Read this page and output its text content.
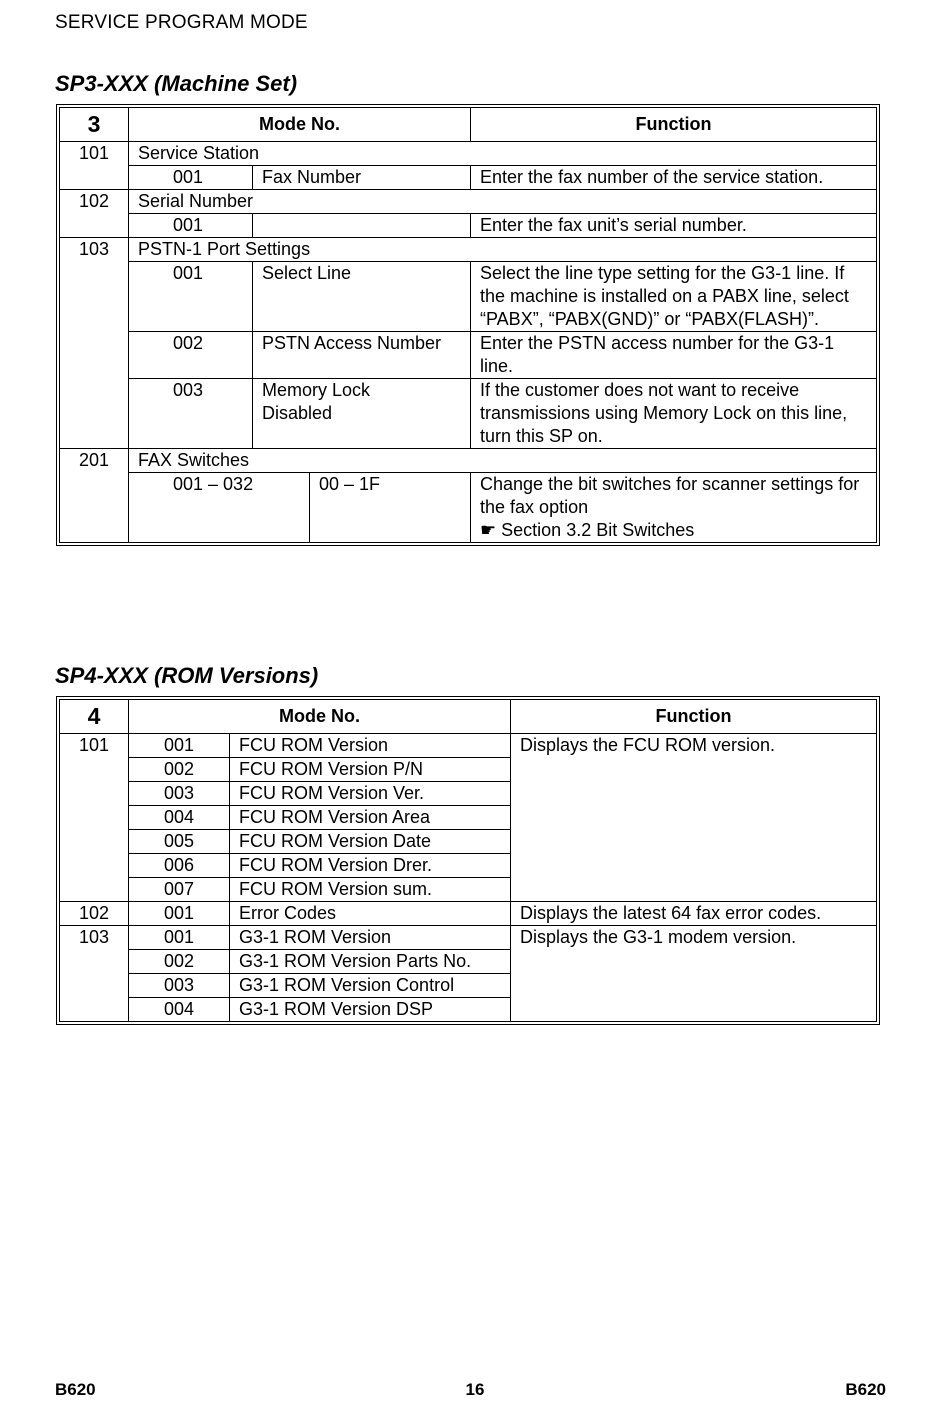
SERVICE PROGRAM MODE
SP3-XXX (Machine Set)
3	Mode No.			Function
101	Service Station			
	001	Fax Number		Enter the fax number of the service station.
102	Serial Number			
	001			Enter the fax unit’s serial number.
103	PSTN-1 Port Settings			
	001	Select Line		Select the line type setting for the G3-1 line. If the machine is installed on a PABX line, select “PABX”, “PABX(GND)” or “PABX(FLASH)”.
	002	PSTN Access Number		Enter the PSTN access number for the G3-1 line.
	003	Memory Lock Disabled		If the customer does not want to receive transmissions using Memory Lock on this line, turn this SP on.
201	FAX Switches			
	001 – 032		00 – 1F	Change the bit switches for scanner settings for the fax option
☛ Section 3.2 Bit Switches
SP4-XXX (ROM Versions)
4	Mode No.		Function
101	001	FCU ROM Version	Displays the FCU ROM version.
	002	FCU ROM Version P/N	
	003	FCU ROM Version Ver.	
	004	FCU ROM Version Area	
	005	FCU ROM Version Date	
	006	FCU ROM Version Drer.	
	007	FCU ROM Version sum.	
102	001	Error Codes	Displays the latest 64 fax error codes.
103	001	G3-1 ROM Version	Displays the G3-1 modem version.
	002	G3-1 ROM Version Parts No.	
	003	G3-1 ROM Version Control	
	004	G3-1 ROM Version DSP	
B620	16	B620
